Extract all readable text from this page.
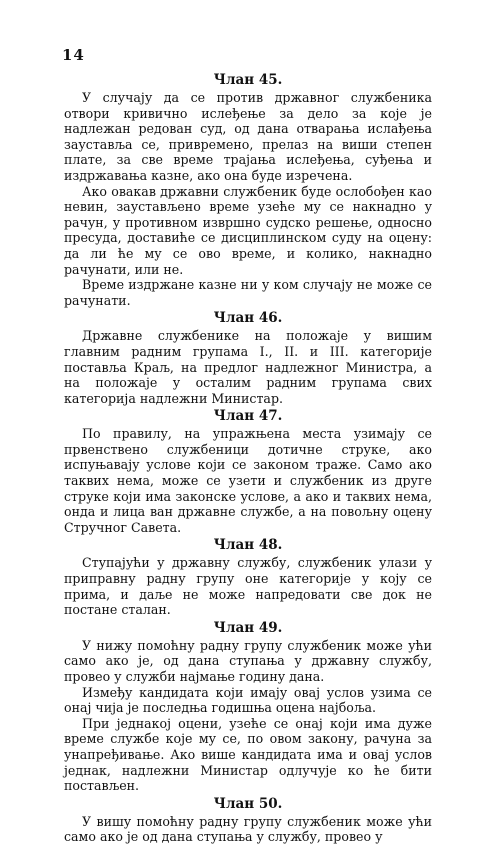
14
Члан 45.

У случају да се против државног службеника отвори кривично ислеђење за дело за које је надлежан редован суд, од дана отварања ислађења заустављa се, привремено, прелаз на виши степен плате, за све време трајања ислеђења, суђења и издржавања казне, ако она буде изречена.

Ако овакав државни службеник буде ослобођен као невин, заустављено време узеће му се накнадно у рачун, у противном извршно судско решење, односно пресуда, доставиће се дисциплинском суду на оцену: да ли ће му се ово време, и колико, накнадно рачунати, или не.

Време издржане казне ни у ком случају не може се рачунати.

Члан 46.

Државне службенике на положаје у вишим главним радним групама I., II. и III. категорије поставља Краљ, на предлог надлежног Министра, а на положаје у осталим радним групама свих категорија надлежни Министар.

Члан 47.

По правилу, на упражњена места узимају се првенствено службеници дотичне струке, ако испуњавају услове који се законом траже. Само ако таквих нема, може се узети и службеник из друге струке који има законске услове, а ако и таквих нема, онда и лица ван државне службе, а на повољну оцену Стручног Савета.

Члан 48.

Ступајући у државну службу, службеник улази у приправну радну групу оне категорије у коју се прима, и даље не може напредовати све док не постане сталан.

Члан 49.

У нижу помоћну радну групу службеник може ући само ако је, од дана ступања у државну службу, провео у служби најмање годину дана.

Између кандидата који имају овај услов узима се онај чија је последња годишња оцена најбоља.

При једнакој оцени, узеће се онај који има дуже време службе које му се, по овом закону, рачуна за унапређивање. Ако више кандидата има и овај услов једнак, надлежни Министар одлучује ко ће бити постављен.

Члан 50.

У вишу помоћну радну групу службеник може ући само ако је од дана ступања у службу, провео у
